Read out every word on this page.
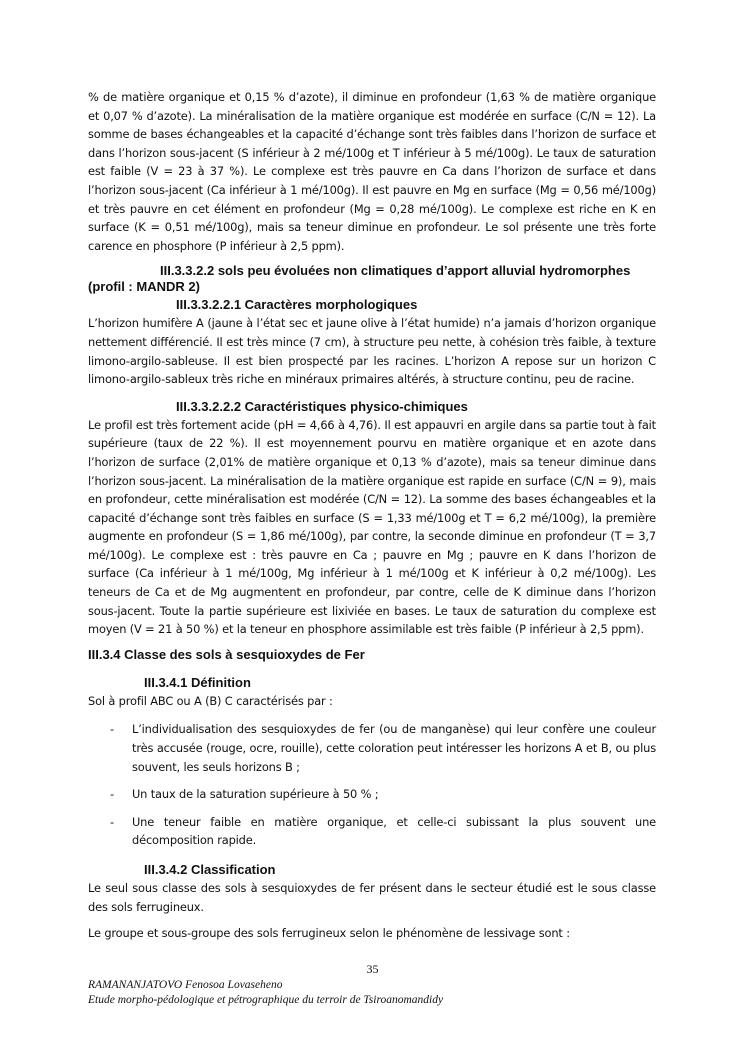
% de matière organique et 0,15 % d’azote), il diminue en profondeur (1,63 % de matière organique et 0,07 % d’azote). La minéralisation de la matière organique est modérée en surface (C/N = 12). La somme de bases échangeables et la capacité d’échange sont très faibles dans l’horizon de surface et dans l’horizon sous-jacent (S inférieur à 2 mé/100g et T inférieur à 5 mé/100g). Le taux de saturation est faible (V = 23 à 37 %). Le complexe est très pauvre en Ca dans l’horizon de surface et dans l’horizon sous-jacent (Ca inférieur à 1 mé/100g). Il est pauvre en Mg en surface (Mg = 0,56 mé/100g) et très pauvre en cet élément en profondeur (Mg = 0,28 mé/100g). Le complexe est riche en K en surface (K = 0,51 mé/100g), mais sa teneur diminue en profondeur. Le sol présente une très forte carence en phosphore (P inférieur à 2,5 ppm).

III.3.3.2.2 sols peu évoluées non climatiques d’apport alluvial hydromorphes
(profil : MANDR 2)
III.3.3.2.2.1 Caractères morphologiques

L’horizon humifère A (jaune à l’état sec et jaune olive à l’état humide) n’a jamais d’horizon organique nettement différencié. Il est très mince (7 cm), à structure peu nette, à cohésion très faible, à texture limono-argilo-sableuse. Il est bien prospecté par les racines. L’horizon A repose sur un horizon C limono-argilo-sableux très riche en minéraux primaires altérés, à structure continu, peu de racine.

III.3.3.2.2.2 Caractéristiques physico-chimiques

Le profil est très fortement acide (pH = 4,66 à 4,76). Il est appauvri en argile dans sa partie tout à fait supérieure (taux de 22 %). Il est moyennement pourvu en matière organique et en azote dans l’horizon de surface (2,01% de matière organique et 0,13 % d’azote), mais sa teneur diminue dans l’horizon sous-jacent. La minéralisation de la matière organique est rapide en surface (C/N = 9), mais en profondeur, cette minéralisation est modérée (C/N = 12). La somme des bases échangeables et la capacité d’échange sont très faibles en surface (S = 1,33 mé/100g et T = 6,2 mé/100g), la première augmente en profondeur (S = 1,86 mé/100g), par contre, la seconde diminue en profondeur (T = 3,7 mé/100g). Le complexe est : très pauvre en Ca ; pauvre en Mg ; pauvre en K dans l’horizon de surface (Ca inférieur à 1 mé/100g, Mg inférieur à 1 mé/100g et K inférieur à 0,2 mé/100g). Les teneurs de Ca et de Mg augmentent en profondeur, par contre, celle de K diminue dans l’horizon sous-jacent. Toute la partie supérieure est lixiviée en bases. Le taux de saturation du complexe est moyen (V = 21 à 50 %) et la teneur en phosphore assimilable est très faible (P inférieur à 2,5 ppm).

III.3.4 Classe des sols à sesquioxydes de Fer
III.3.4.1 Définition

Sol à profil ABC ou A (B) C caractérisés par :

- L’individualisation des sesquioxydes de fer (ou de manganèse) qui leur confère une couleur très accusée (rouge, ocre, rouille), cette coloration peut intéresser les horizons A et B, ou plus souvent, les seuls horizons B ;

- Un taux de la saturation supérieure à 50 % ;

- Une teneur faible en matière organique, et celle-ci subissant la plus souvent une décomposition rapide.

III.3.4.2 Classification

Le seul sous classe des sols à sesquioxydes de fer présent dans le secteur étudié est le sous classe des sols ferrugineux.

Le groupe et sous-groupe des sols ferrugineux selon le phénomène de lessivage sont :

35
RAMANANJATOVO Fenosoa Lovaseheno
Etude morpho-pédologique et pétrographique du terroir de Tsiroanomandidy
